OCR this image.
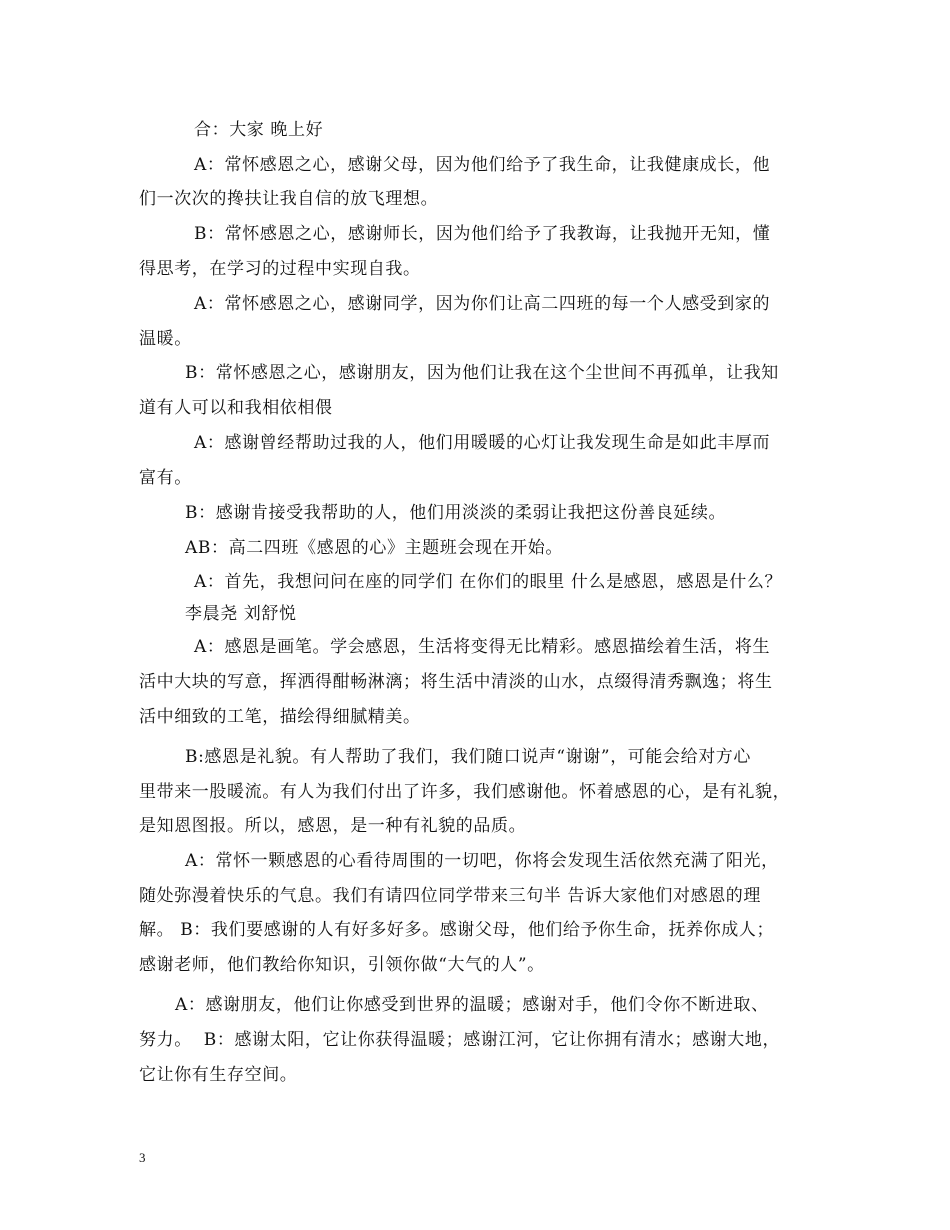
合：大家 晚上好
A：常怀感恩之心，感谢父母，因为他们给予了我生命，让我健康成长，他
们一次次的搀扶让我自信的放飞理想。
B：常怀感恩之心，感谢师长，因为他们给予了我教诲，让我抛开无知，懂
得思考，在学习的过程中实现自我。
A：常怀感恩之心，感谢同学，因为你们让高二四班的每一个人感受到家的
温暖。
B：常怀感恩之心，感谢朋友，因为他们让我在这个尘世间不再孤单，让我知
道有人可以和我相依相偎
A：感谢曾经帮助过我的人，他们用暖暖的心灯让我发现生命是如此丰厚而
富有。
B：感谢肯接受我帮助的人，他们用淡淡的柔弱让我把这份善良延续。
AB：高二四班《感恩的心》主题班会现在开始。
A：首先，我想问问在座的同学们 在你们的眼里 什么是感恩，感恩是什么？
李晨尧 刘舒悦
A：感恩是画笔。学会感恩，生活将变得无比精彩。感恩描绘着生活，将生
活中大块的写意，挥洒得酣畅淋漓；将生活中清淡的山水，点缀得清秀飘逸；将生
活中细致的工笔，描绘得细腻精美。
B:感恩是礼貌。有人帮助了我们，我们随口说声“谢谢”，可能会给对方心
里带来一股暖流。有人为我们付出了许多，我们感谢他。怀着感恩的心，是有礼貌，
是知恩图报。所以，感恩，是一种有礼貌的品质。
A：常怀一颗感恩的心看待周围的一切吧，你将会发现生活依然充满了阳光，
随处弥漫着快乐的气息。我们有请四位同学带来三句半 告诉大家他们对感恩的理
解。 B：我们要感谢的人有好多好多。感谢父母，他们给予你生命，抚养你成人；
感谢老师，他们教给你知识，引领你做“大气的人”。
A：感谢朋友，他们让你感受到世界的温暖；感谢对手，他们令你不断进取、
努力。  B：感谢太阳，它让你获得温暖；感谢江河，它让你拥有清水；感谢大地，
它让你有生存空间。
3
